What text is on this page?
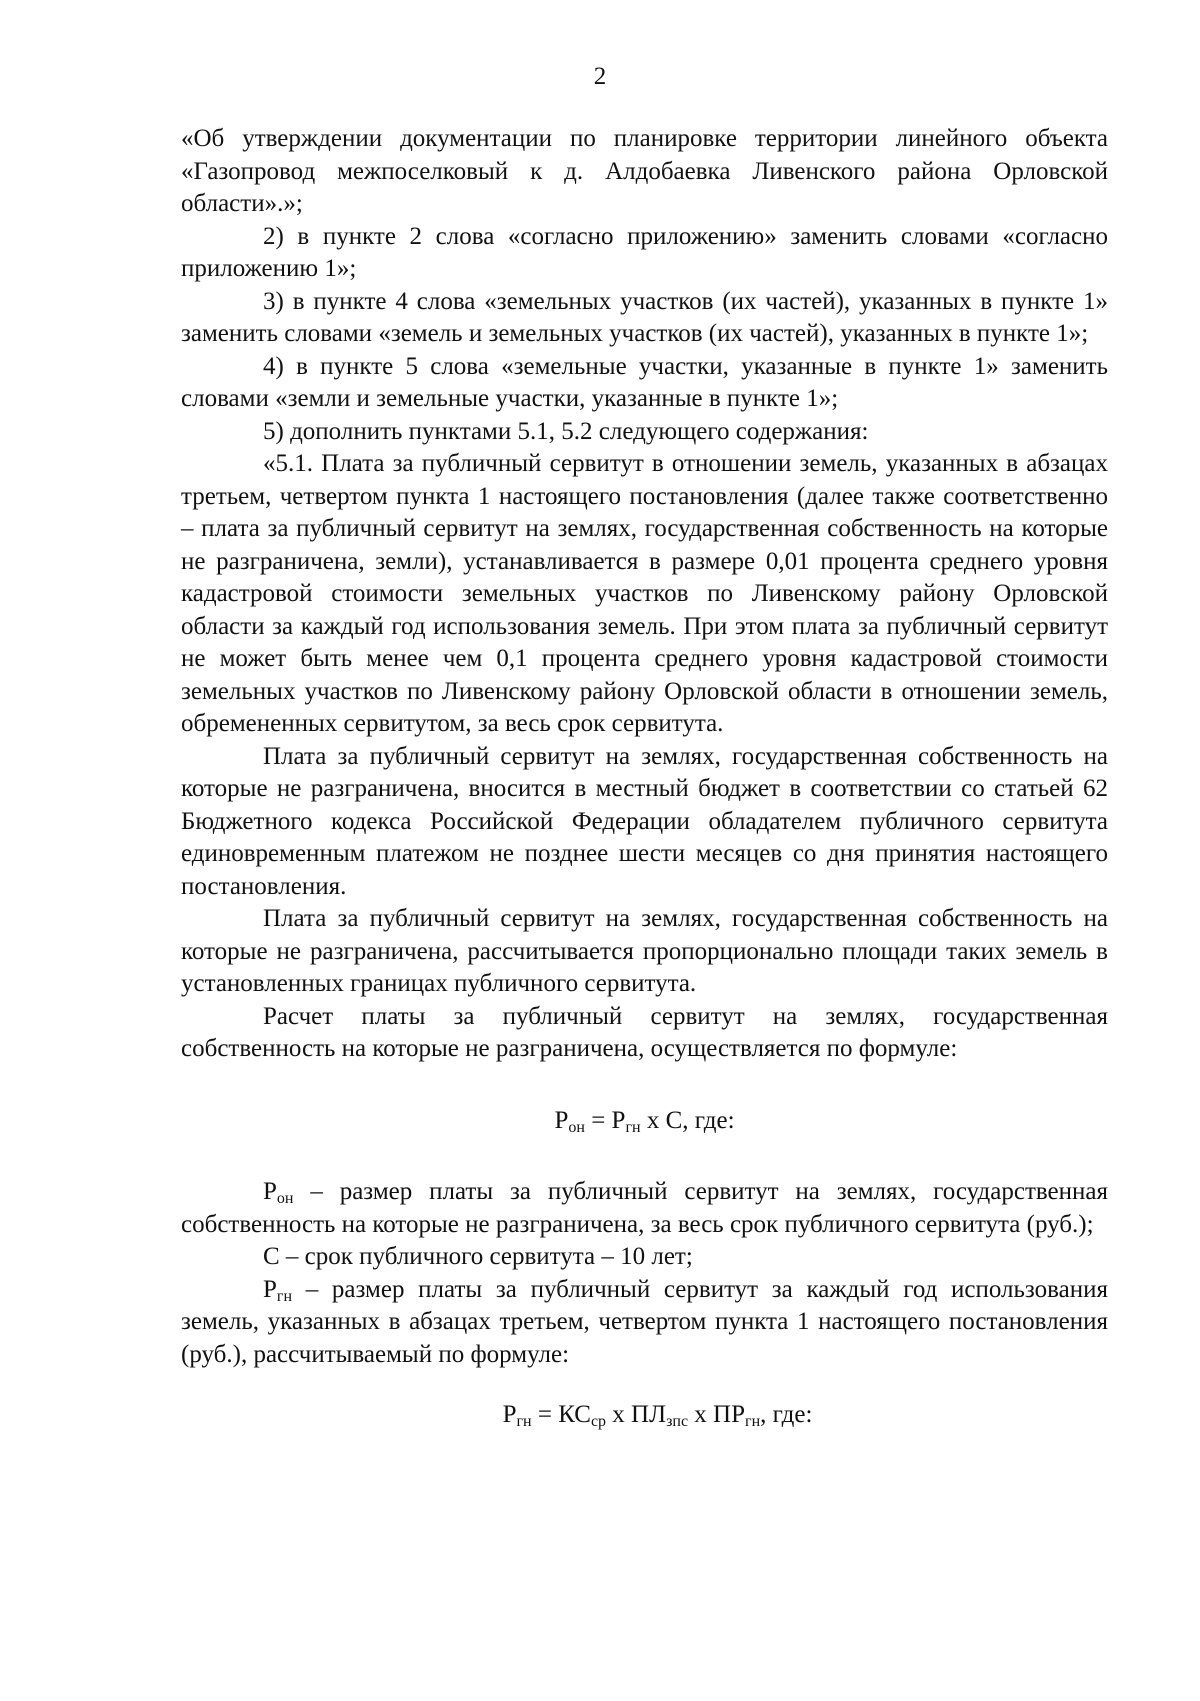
2

«Об утверждении документации по планировке территории линейного объекта «Газопровод межпоселковый к д. Алдобаевка Ливенского района Орловской области».»;

2) в пункте 2 слова «согласно приложению» заменить словами «согласно приложению 1»;

3) в пункте 4 слова «земельных участков (их частей), указанных в пункте 1» заменить словами «земель и земельных участков (их частей), указанных в пункте 1»;

4) в пункте 5 слова «земельные участки, указанные в пункте 1» заменить словами «земли и земельные участки, указанные в пункте 1»;

5) дополнить пунктами 5.1, 5.2 следующего содержания:

«5.1. Плата за публичный сервитут в отношении земель, указанных в абзацах третьем, четвертом пункта 1 настоящего постановления (далее также соответственно – плата за публичный сервитут на землях, государственная собственность на которые не разграничена, земли), устанавливается в размере 0,01 процента среднего уровня кадастровой стоимости земельных участков по Ливенскому району Орловской области за каждый год использования земель. При этом плата за публичный сервитут не может быть менее чем 0,1 процента среднего уровня кадастровой стоимости земельных участков по Ливенскому району Орловской области в отношении земель, обремененных сервитутом, за весь срок сервитута.

Плата за публичный сервитут на землях, государственная собственность на которые не разграничена, вносится в местный бюджет в соответствии со статьей 62 Бюджетного кодекса Российской Федерации обладателем публичного сервитута единовременным платежом не позднее шести месяцев со дня принятия настоящего постановления.

Плата за публичный сервитут на землях, государственная собственность на которые не разграничена, рассчитывается пропорционально площади таких земель в установленных границах публичного сервитута.

Расчет платы за публичный сервитут на землях, государственная собственность на которые не разграничена, осуществляется по формуле:

$Р_{он} = Р_{гн}$ х С, где:

$Р_{он}$ – размер платы за публичный сервитут на землях, государственная собственность на которые не разграничена, за весь срок публичного сервитута (руб.);

С – срок публичного сервитута – 10 лет;

$Р_{гн}$ – размер платы за публичный сервитут за каждый год использования земель, указанных в абзацах третьем, четвертом пункта 1 настоящего постановления (руб.), рассчитываемый по формуле:

$Р_{гн} = КС_{ср}$ х $ПЛ_{зпс}$ х $ПР_{гн}$, где:
